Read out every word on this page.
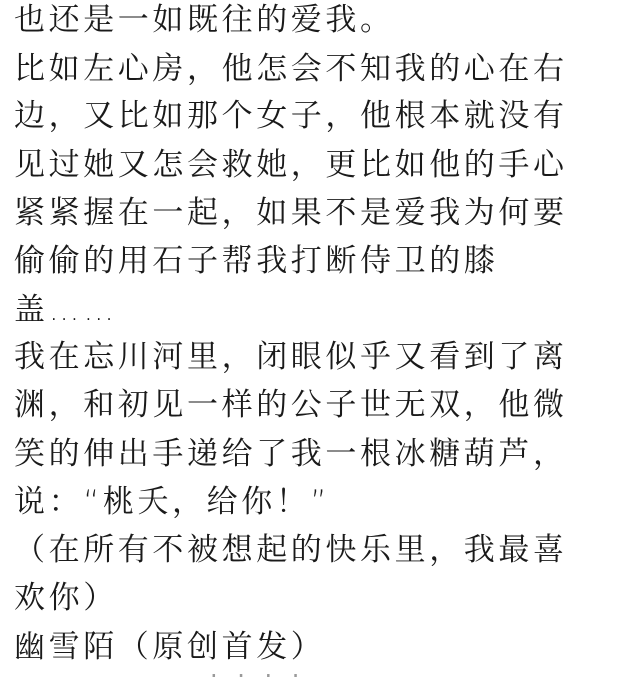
也还是一如既往的爱我。
比如左心房，他怎会不知我的心在右
边，又比如那个女子，他根本就没有
见过她又怎会救她，更比如他的手心
紧紧握在一起，如果不是爱我为何要
偷偷的用石子帮我打断侍卫的膝
盖……
我在忘川河里，闭眼似乎又看到了离
渊，和初见一样的公子世无双，他微
笑的伸出手递给了我一根冰糖葫芦，
说：“桃夭，给你！”
（在所有不被想起的快乐里，我最喜
欢你）
幽雪陌（原创首发）
· · · ·
